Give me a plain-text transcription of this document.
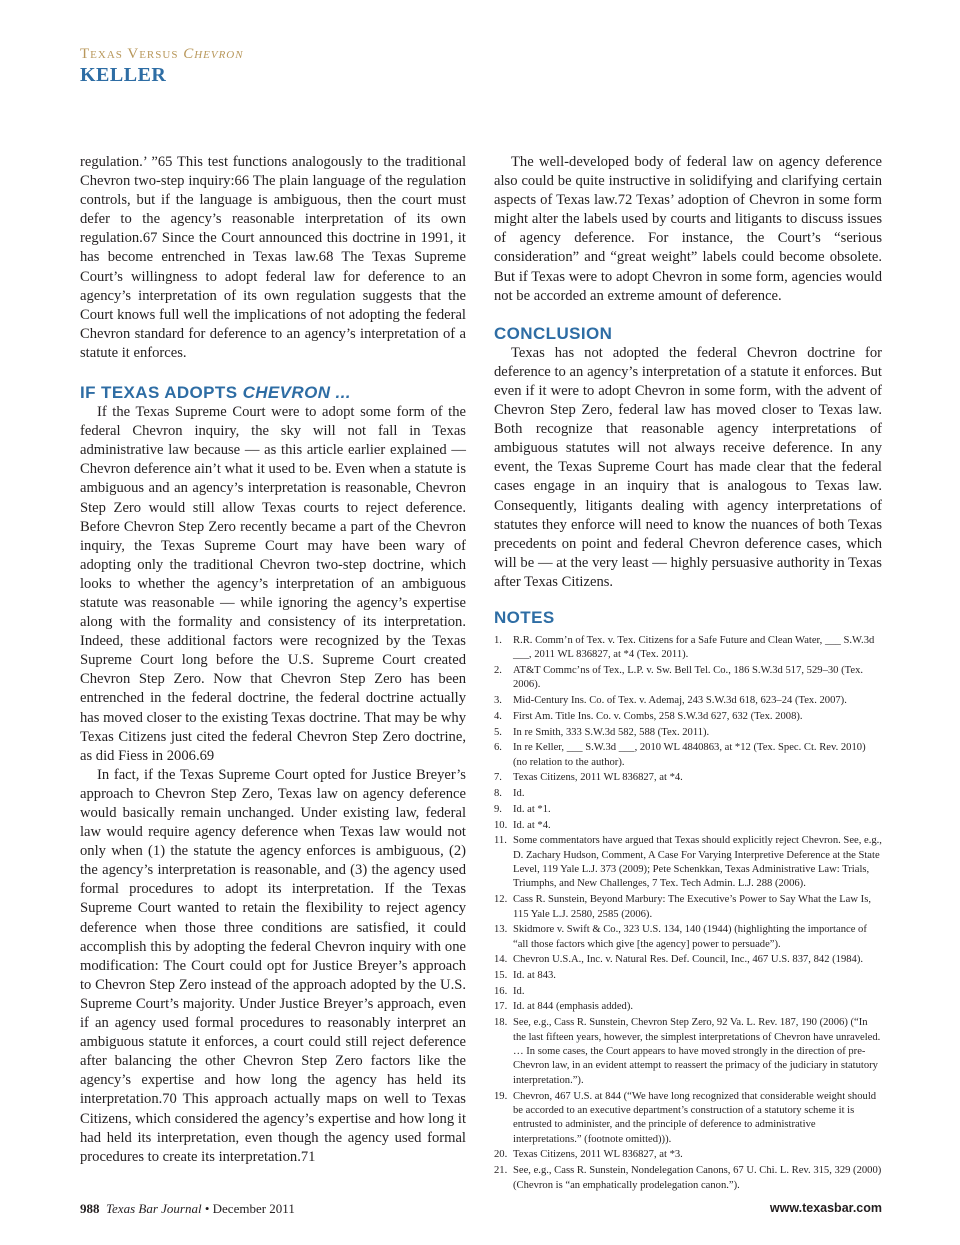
Texas Versus Chevron
KELLER

regulation.’ ”65 This test functions analogously to the traditional Chevron two-step inquiry:66 The plain language of the regulation controls, but if the language is ambiguous, then the court must defer to the agency’s reasonable interpretation of its own regulation.67 Since the Court announced this doctrine in 1991, it has become entrenched in Texas law.68 The Texas Supreme Court’s willingness to adopt federal law for deference to an agency’s interpretation of its own regulation suggests that the Court knows full well the implications of not adopting the federal Chevron standard for deference to an agency’s interpretation of a statute it enforces.

IF TEXAS ADOPTS CHEVRON ...

If the Texas Supreme Court were to adopt some form of the federal Chevron inquiry, the sky will not fall in Texas administrative law because — as this article earlier explained — Chevron deference ain’t what it used to be. Even when a statute is ambiguous and an agency’s interpretation is reasonable, Chevron Step Zero would still allow Texas courts to reject deference. Before Chevron Step Zero recently became a part of the Chevron inquiry, the Texas Supreme Court may have been wary of adopting only the traditional Chevron two-step doctrine, which looks to whether the agency’s interpretation of an ambiguous statute was reasonable — while ignoring the agency’s expertise along with the formality and consistency of its interpretation. Indeed, these additional factors were recognized by the Texas Supreme Court long before the U.S. Supreme Court created Chevron Step Zero. Now that Chevron Step Zero has been entrenched in the federal doctrine, the federal doctrine actually has moved closer to the existing Texas doctrine. That may be why Texas Citizens just cited the federal Chevron Step Zero doctrine, as did Fiess in 2006.69

In fact, if the Texas Supreme Court opted for Justice Breyer’s approach to Chevron Step Zero, Texas law on agency deference would basically remain unchanged. Under existing law, federal law would require agency deference when Texas law would not only when (1) the statute the agency enforces is ambiguous, (2) the agency’s interpretation is reasonable, and (3) the agency used formal procedures to adopt its interpretation. If the Texas Supreme Court wanted to retain the flexibility to reject agency deference when those three conditions are satisfied, it could accomplish this by adopting the federal Chevron inquiry with one modification: The Court could opt for Justice Breyer’s approach to Chevron Step Zero instead of the approach adopted by the U.S. Supreme Court’s majority. Under Justice Breyer’s approach, even if an agency used formal procedures to reasonably interpret an ambiguous statute it enforces, a court could still reject deference after balancing the other Chevron Step Zero factors like the agency’s expertise and how long the agency has held its interpretation.70 This approach actually maps on well to Texas Citizens, which considered the agency’s expertise and how long it had held its interpretation, even though the agency used formal procedures to create its interpretation.71

The well-developed body of federal law on agency deference also could be quite instructive in solidifying and clarifying certain aspects of Texas law.72 Texas’ adoption of Chevron in some form might alter the labels used by courts and litigants to discuss issues of agency deference. For instance, the Court’s “serious consideration” and “great weight” labels could become obsolete. But if Texas were to adopt Chevron in some form, agencies would not be accorded an extreme amount of deference.

CONCLUSION

Texas has not adopted the federal Chevron doctrine for deference to an agency’s interpretation of a statute it enforces. But even if it were to adopt Chevron in some form, with the advent of Chevron Step Zero, federal law has moved closer to Texas law. Both recognize that reasonable agency interpretations of ambiguous statutes will not always receive deference. In any event, the Texas Supreme Court has made clear that the federal cases engage in an inquiry that is analogous to Texas law. Consequently, litigants dealing with agency interpretations of statutes they enforce will need to know the nuances of both Texas precedents on point and federal Chevron deference cases, which will be — at the very least — highly persuasive authority in Texas after Texas Citizens.

NOTES
1. R.R. Comm’n of Tex. v. Tex. Citizens for a Safe Future and Clean Water, ___ S.W.3d ___, 2011 WL 836827, at *4 (Tex. 2011).
2. AT&T Commc’ns of Tex., L.P. v. Sw. Bell Tel. Co., 186 S.W.3d 517, 529–30 (Tex. 2006).
3. Mid-Century Ins. Co. of Tex. v. Ademaj, 243 S.W.3d 618, 623–24 (Tex. 2007).
4. First Am. Title Ins. Co. v. Combs, 258 S.W.3d 627, 632 (Tex. 2008).
5. In re Smith, 333 S.W.3d 582, 588 (Tex. 2011).
6. In re Keller, ___ S.W.3d ___, 2010 WL 4840863, at *12 (Tex. Spec. Ct. Rev. 2010) (no relation to the author).
7. Texas Citizens, 2011 WL 836827, at *4.
8. Id.
9. Id. at *1.
10. Id. at *4.
11. Some commentators have argued that Texas should explicitly reject Chevron. See, e.g., D. Zachary Hudson, Comment, A Case For Varying Interpretive Deference at the State Level, 119 Yale L.J. 373 (2009); Pete Schenkkan, Texas Administrative Law: Trials, Triumphs, and New Challenges, 7 Tex. Tech Admin. L.J. 288 (2006).
12. Cass R. Sunstein, Beyond Marbury: The Executive’s Power to Say What the Law Is, 115 Yale L.J. 2580, 2585 (2006).
13. Skidmore v. Swift & Co., 323 U.S. 134, 140 (1944) (highlighting the importance of “all those factors which give [the agency] power to persuade”).
14. Chevron U.S.A., Inc. v. Natural Res. Def. Council, Inc., 467 U.S. 837, 842 (1984).
15. Id. at 843.
16. Id.
17. Id. at 844 (emphasis added).
18. See, e.g., Cass R. Sunstein, Chevron Step Zero, 92 Va. L. Rev. 187, 190 (2006) (“In the last fifteen years, however, the simplest interpretations of Chevron have unraveled. … In some cases, the Court appears to have moved strongly in the direction of pre-Chevron law, in an evident attempt to reassert the primacy of the judiciary in statutory interpretation.”).
19. Chevron, 467 U.S. at 844 (“We have long recognized that considerable weight should be accorded to an executive department’s construction of a statutory scheme it is entrusted to administer, and the principle of deference to administrative interpretations.” (footnote omitted))).
20. Texas Citizens, 2011 WL 836827, at *3.
21. See, e.g., Cass R. Sunstein, Nondelegation Canons, 67 U. Chi. L. Rev. 315, 329 (2000) (Chevron is “an emphatically prodelegation canon.”).
988 Texas Bar Journal • December 2011	www.texasbar.com
